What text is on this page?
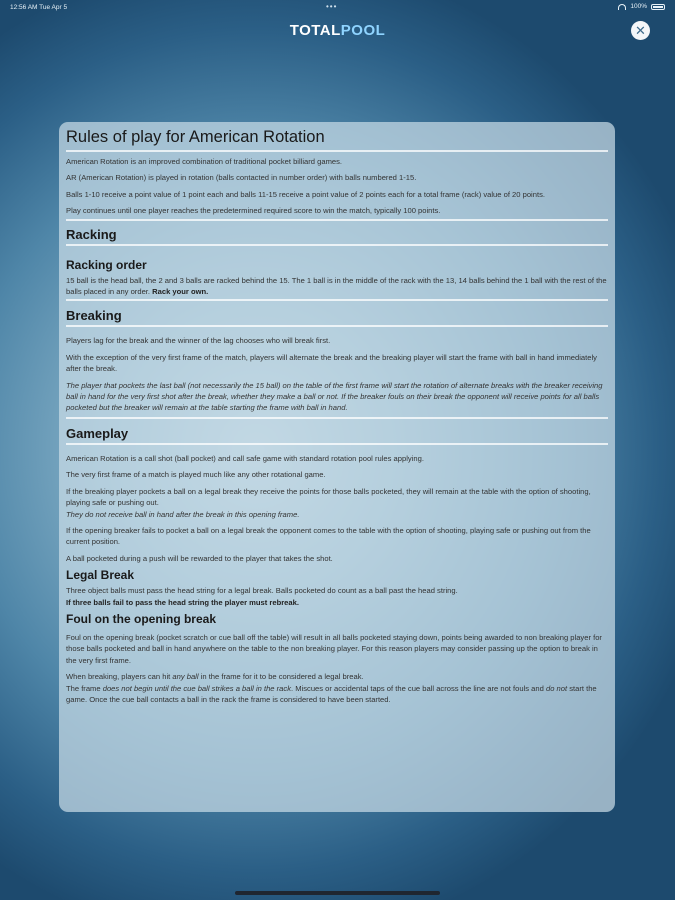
12:56 AM Tue Apr 5	•••	100%
TOTALPOOL	✕
Rules of play for American Rotation

American Rotation is an improved combination of traditional pocket billiard games.

AR (American Rotation) is played in rotation (balls contacted in number order) with balls numbered 1-15.

Balls 1-10 receive a point value of 1 point each and balls 11-15 receive a point value of 2 points each for a total frame (rack) value of 20 points.

Play continues until one player reaches the predetermined required score to win the match, typically 100 points.

Racking
Racking order

15 ball is the head ball, the 2 and 3 balls are racked behind the 15. The 1 ball is in the middle of the rack with the 13, 14 balls behind the 1 ball with the rest of the balls placed in any order. Rack your own.

Breaking

Players lag for the break and the winner of the lag chooses who will break first.

With the exception of the very first frame of the match, players will alternate the break and the breaking player will start the frame with ball in hand immediately after the break.

The player that pockets the last ball (not necessarily the 15 ball) on the table of the first frame will start the rotation of alternate breaks with the breaker receiving ball in hand for the very first shot after the break, whether they make a ball or not. If the breaker fouls on their break the opponent will receive points for all balls pocketed but the breaker will remain at the table starting the frame with ball in hand.

Gameplay

American Rotation is a call shot (ball pocket) and call safe game with standard rotation pool rules applying.

The very first frame of a match is played much like any other rotational game.

If the breaking player pockets a ball on a legal break they receive the points for those balls pocketed, they will remain at the table with the option of shooting, playing safe or pushing out.
They do not receive ball in hand after the break in this opening frame.

If the opening breaker fails to pocket a ball on a legal break the opponent comes to the table with the option of shooting, playing safe or pushing out from the current position.

A ball pocketed during a push will be rewarded to the player that takes the shot.

Legal Break

Three object balls must pass the head string for a legal break. Balls pocketed do count as a ball past the head string.
If three balls fail to pass the head string the player must rebreak.

Foul on the opening break

Foul on the opening break (pocket scratch or cue ball off the table) will result in all balls pocketed staying down, points being awarded to non breaking player for those balls pocketed and ball in hand anywhere on the table to the non breaking player. For this reason players may consider passing up the option to break in the very first frame.

When breaking, players can hit any ball in the frame for it to be considered a legal break.

The frame does not begin until the cue ball strikes a ball in the rack. Miscues or accidental taps of the cue ball across the line are not fouls and do not start the game. Once the cue ball contacts a ball in the rack the frame is considered to have been started.
